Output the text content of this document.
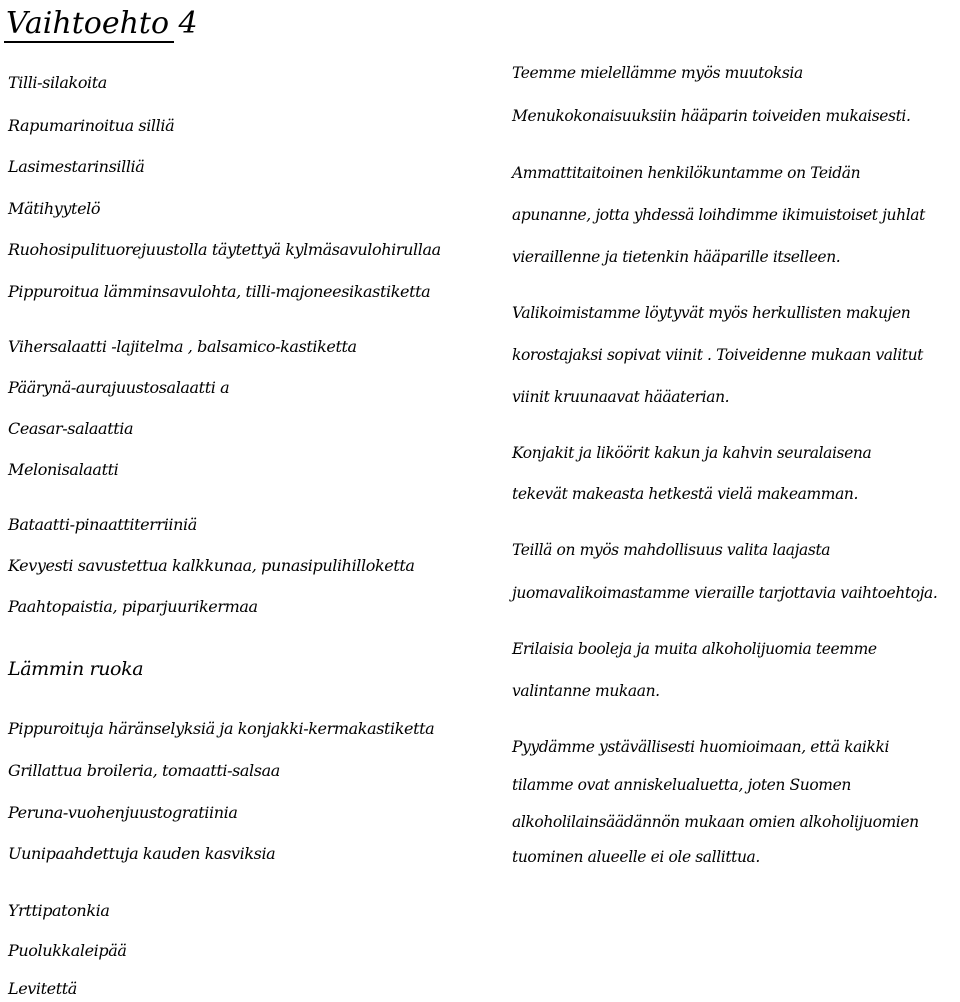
Vaihtoehto 4
Tilli-silakoita
Rapumarinoitua silliä
Lasimestarinsilliä
Mätihyytelö
Ruohosipulituorejuustolla täytettyä kylmäsavulohirullaa
Pippuroitua lämminsavulohta, tilli-majoneesikastiketta
Vihersalaatti -lajitelma , balsamico-kastiketta
Päärynä-aurajuustosalaatti a
Ceasar-salaattia
Melonisalaatti
Bataatti-pinaattiterriiniä
Kevyesti savustettua kalkkunaa, punasipulihilloketta
Paahtopaistia, piparjuurikermaa
Lämmin ruoka
Pippuroituja häränselyksiä ja konjakki-kermakastiketta
Grillattua broileria, tomaatti-salsaa
Peruna-vuohenjuustogratiinia
Uunipaahdettuja kauden kasviksia
Yrttipatonkia
Puolukkaleipää
Levitettä
Teemme mielellämme myös muutoksia
Menukokonaisuuksiin hääparin toiveiden mukaisesti.
Ammattitaitoinen henkilökuntamme on Teidän
apunanne, jotta yhdessä loihdimme ikimuistoiset juhlat
vieraillenne ja tietenkin hääparille itselleen.
Valikoimistamme löytyvät myös herkullisten makujen
korostajaksi sopivat viinit . Toiveidenne mukaan valitut
viinit kruunaavat hääaterian.
Konjakit ja liköörit kakun ja kahvin seuralaisena
tekevät makeasta hetkestä vielä makeamman.
Teillä on myös mahdollisuus valita laajasta
juomavalikoimastamme vieraille tarjottavia vaihtoehtoja.
Erilaisia booleja ja muita alkoholijuomia teemme
valintanne mukaan.
Pyydämme ystävällisesti huomioimaan, että kaikki
tilamme ovat anniskelualuetta, joten Suomen
alkoholilainsäädännön mukaan omien alkoholijuomien
tuominen alueelle ei ole sallittua.
